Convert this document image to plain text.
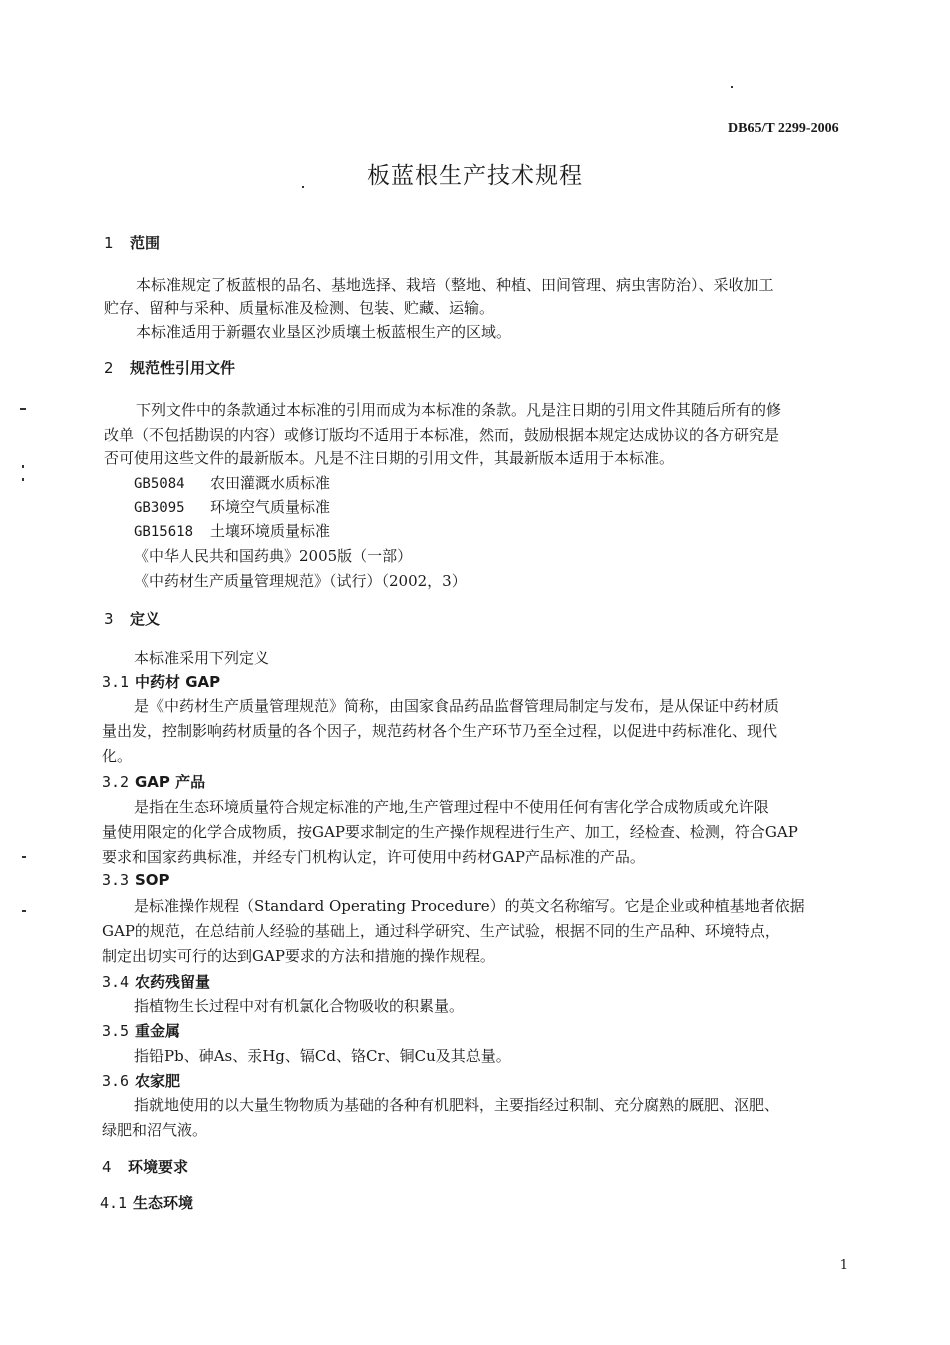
DB65/T 2299-2006
板蓝根生产技术规程
1 范围
本标准规定了板蓝根的品名、基地选择、栽培（整地、种植、田间管理、病虫害防治）、采收加工
贮存、留种与采种、质量标准及检测、包装、贮藏、运输。
本标准适用于新疆农业垦区沙质壤土板蓝根生产的区域。
2 规范性引用文件
下列文件中的条款通过本标准的引用而成为本标准的条款。凡是注日期的引用文件其随后所有的修
改单（不包括勘误的内容）或修订版均不适用于本标准，然而，鼓励根据本规定达成协议的各方研究是
否可使用这些文件的最新版本。凡是不注日期的引用文件，其最新版本适用于本标准。
GB5084 农田灌溉水质标准
GB3095 环境空气质量标准
GB15618 土壤环境质量标准
《中华人民共和国药典》2005版（一部）
《中药材生产质量管理规范》（试行）（2002，3）
3 定义
本标准采用下列定义
3.1 中药材 GAP
是《中药材生产质量管理规范》简称，由国家食品药品监督管理局制定与发布，是从保证中药材质
量出发，控制影响药材质量的各个因子，规范药材各个生产环节乃至全过程，以促进中药标准化、现代
化。
3.2 GAP 产品
是指在生态环境质量符合规定标准的产地,生产管理过程中不使用任何有害化学合成物质或允许限
量使用限定的化学合成物质，按GAP要求制定的生产操作规程进行生产、加工，经检查、检测，符合GAP
要求和国家药典标准，并经专门机构认定，许可使用中药材GAP产品标准的产品。
3.3 SOP
是标准操作规程（Standard Operating Procedure）的英文名称缩写。它是企业或种植基地者依据
GAP的规范，在总结前人经验的基础上，通过科学研究、生产试验，根据不同的生产品种、环境特点，
制定出切实可行的达到GAP要求的方法和措施的操作规程。
3.4 农药残留量
指植物生长过程中对有机氯化合物吸收的积累量。
3.5 重金属
指铅Pb、砷As、汞Hg、镉Cd、铬Cr、铜Cu及其总量。
3.6 农家肥
指就地使用的以大量生物物质为基础的各种有机肥料，主要指经过积制、充分腐熟的厩肥、沤肥、
绿肥和沼气液。
4 环境要求
4.1 生态环境
1
